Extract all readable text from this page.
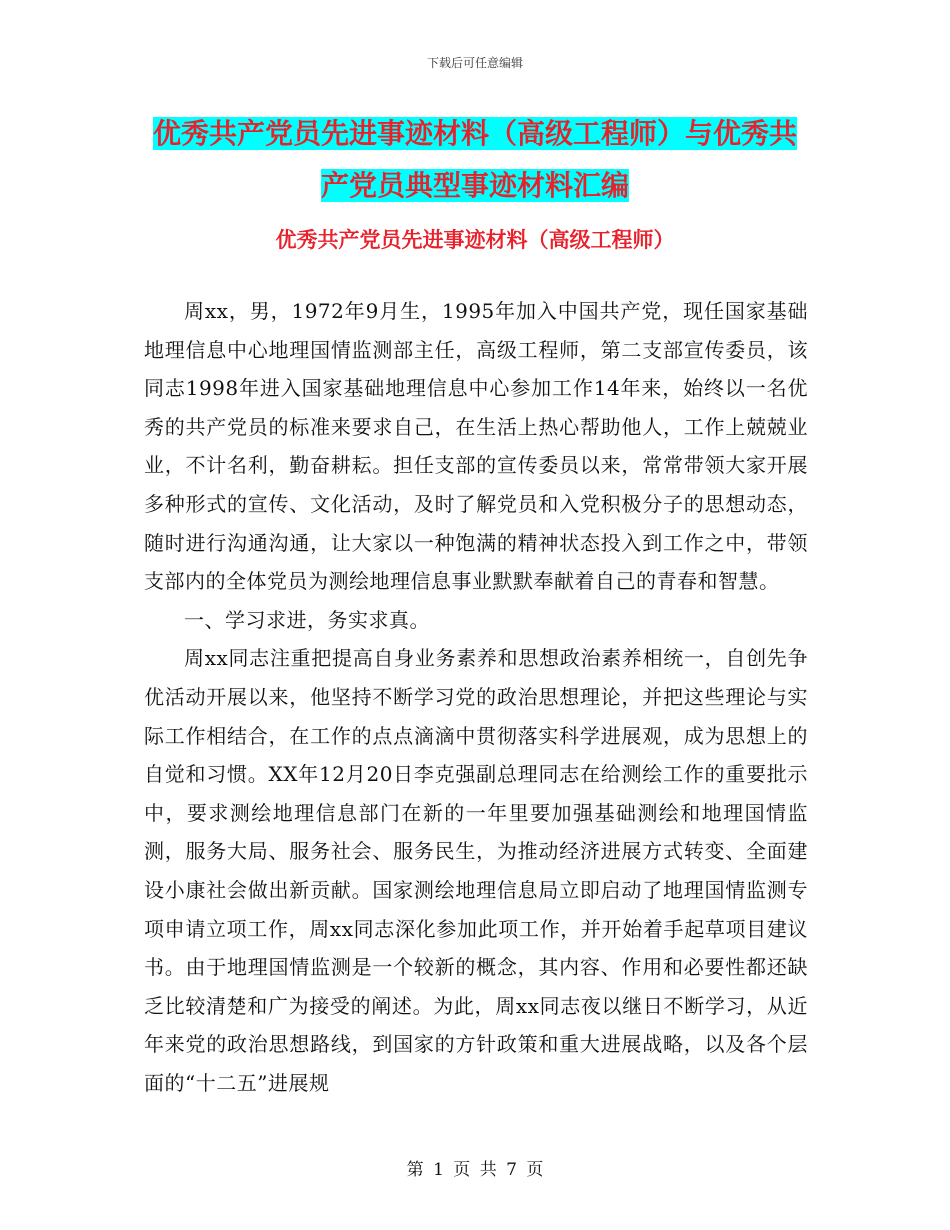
下载后可任意编辑
优秀共产党员先进事迹材料（高级工程师）与优秀共产党员典型事迹材料汇编
优秀共产党员先进事迹材料（高级工程师）

周xx，男，1972年9月生，1995年加入中国共产党，现任国家基础地理信息中心地理国情监测部主任，高级工程师，第二支部宣传委员，该同志1998年进入国家基础地理信息中心参加工作14年来，始终以一名优秀的共产党员的标准来要求自己，在生活上热心帮助他人，工作上兢兢业业，不计名利，勤奋耕耘。担任支部的宣传委员以来，常常带领大家开展多种形式的宣传、文化活动，及时了解党员和入党积极分子的思想动态，随时进行沟通沟通，让大家以一种饱满的精神状态投入到工作之中，带领支部内的全体党员为测绘地理信息事业默默奉献着自己的青春和智慧。

一、学习求进，务实求真。

周xx同志注重把提高自身业务素养和思想政治素养相统一，自创先争优活动开展以来，他坚持不断学习党的政治思想理论，并把这些理论与实际工作相结合，在工作的点点滴滴中贯彻落实科学进展观，成为思想上的自觉和习惯。XX年12月20日李克强副总理同志在给测绘工作的重要批示中，要求测绘地理信息部门在新的一年里要加强基础测绘和地理国情监测，服务大局、服务社会、服务民生，为推动经济进展方式转变、全面建设小康社会做出新贡献。国家测绘地理信息局立即启动了地理国情监测专项申请立项工作，周xx同志深化参加此项工作，并开始着手起草项目建议书。由于地理国情监测是一个较新的概念，其内容、作用和必要性都还缺乏比较清楚和广为接受的阐述。为此，周xx同志夜以继日不断学习，从近年来党的政治思想路线，到国家的方针政策和重大进展战略，以及各个层面的“十二五”进展规

第 1 页 共 7 页
